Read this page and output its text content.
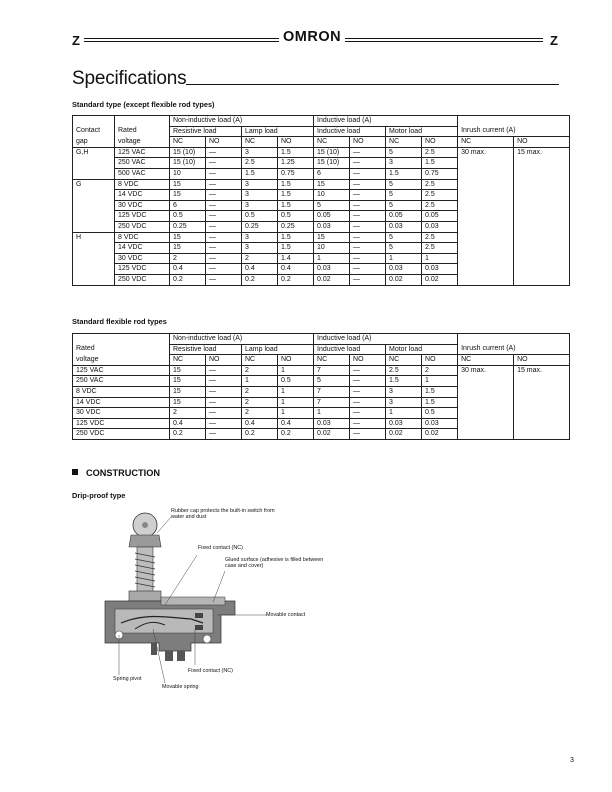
Z	OMRON	Z
Specifications
Standard type (except flexible rod types)
		Non-inductive load (A)				Inductive load (A)					
Contact	Rated	Resistive load		Lamp load		Inductive load		Motor load		Inrush current (A)	
gap	voltage	NC	NO	NC	NO	NC	NO	NC	NO	NC	NO
G,H	125 VAC	15 (10)	—	3	1.5	15 (10)	—	5	2.5	30 max.	15 max.
	250 VAC	15 (10)	—	2.5	1.25	15 (10)	—	3	1.5		
	500 VAC	10	—	1.5	0.75	6	—	1.5	0.75		
G	8 VDC	15	—	3	1.5	15	—	5	2.5		
	14 VDC	15	—	3	1.5	10	—	5	2.5		
	30 VDC	6	—	3	1.5	5	—	5	2.5		
	125 VDC	0.5	—	0.5	0.5	0.05	—	0.05	0.05		
	250 VDC	0.25	—	0.25	0.25	0.03	—	0.03	0.03		
H	8 VDC	15	—	3	1.5	15	—	5	2.5		
	14 VDC	15	—	3	1.5	10	—	5	2.5		
	30 VDC	2	—	2	1.4	1	—	1	1		
	125 VDC	0.4	—	0.4	0.4	0.03	—	0.03	0.03		
	250 VDC	0.2	—	0.2	0.2	0.02	—	0.02	0.02		
Standard flexible rod types
	Non-inductive load (A)				Inductive load (A)					
Rated	Resistive load		Lamp load		Inductive load		Motor load		Inrush current (A)	
voltage	NC	NO	NC	NO	NC	NO	NC	NO	NC	NO
125 VAC	15	—	2	1	7	—	2.5	2	30 max.	15 max.
250 VAC	15	—	1	0.5	5	—	1.5	1		
8 VDC	15	—	2	1	7	—	3	1.5		
14 VDC	15	—	2	1	7	—	3	1.5		
30 VDC	2	—	2	1	1	—	1	0.5		
125 VDC	0.4	—	0.4	0.4	0.03	—	0.03	0.03		
250 VDC	0.2	—	0.2	0.2	0.02	—	0.02	0.02		
CONSTRUCTION
Drip-proof type
Rubber cap protects the built-in switch from
water and dust
Fixed contact (NC)
Glued surface (adhesive is filled between
case and cover)
Movable contact
Fixed contact (NC)
Spring pivot
Movable spring
3
